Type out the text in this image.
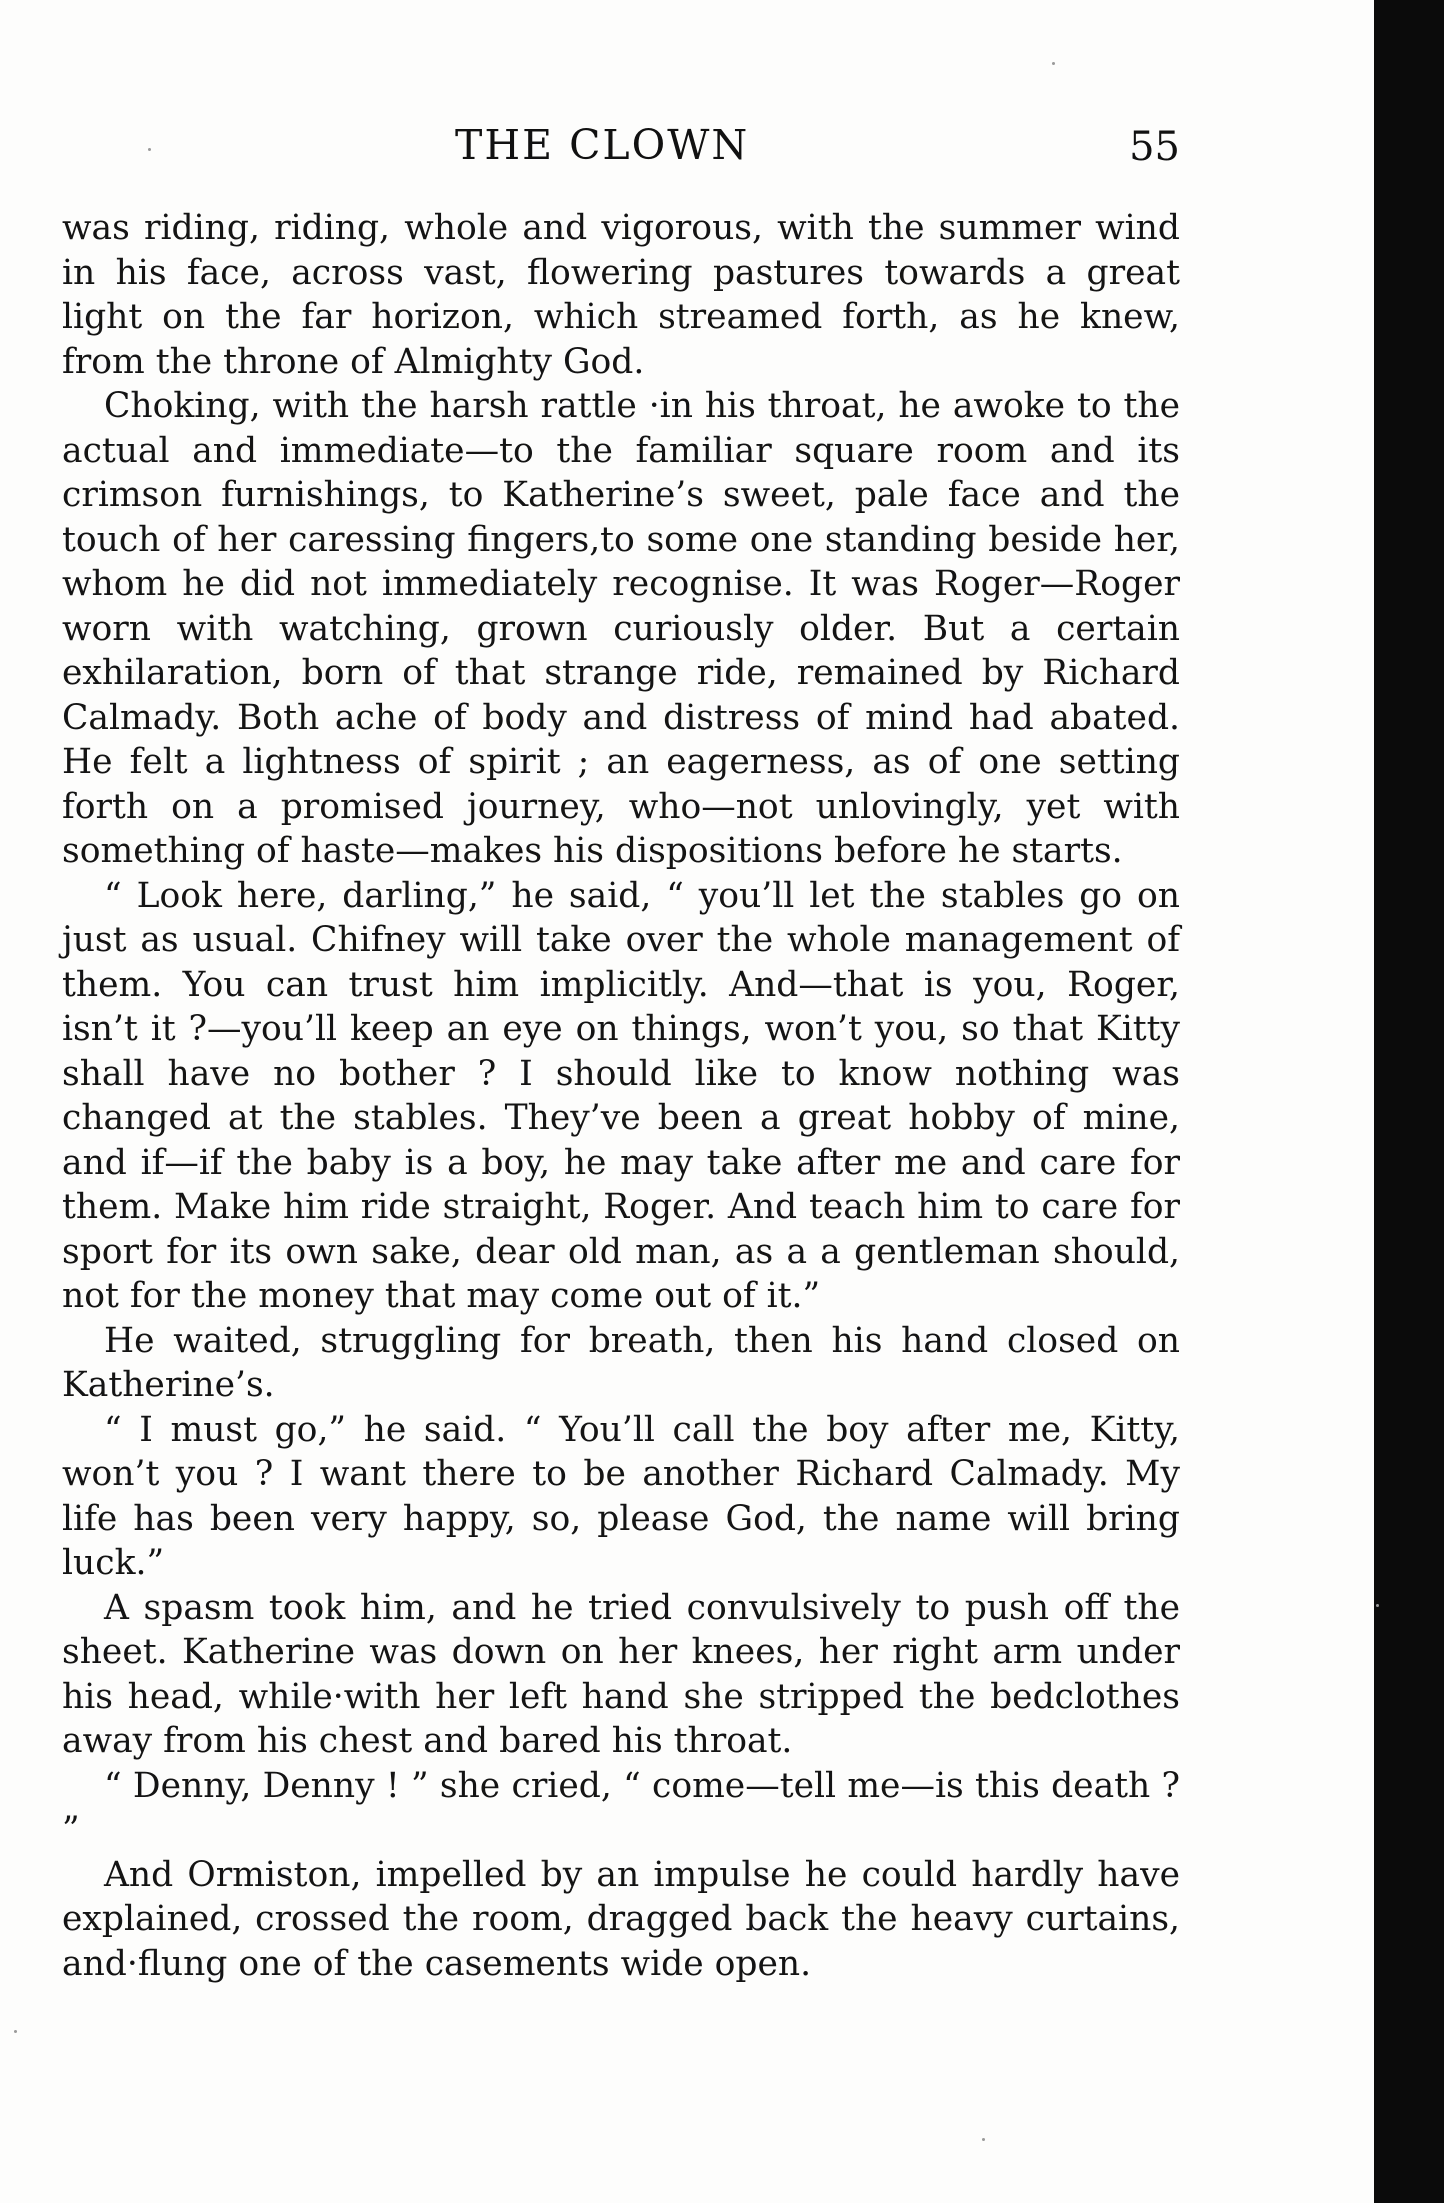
THE CLOWN	55

was riding, riding, whole and vigorous, with the summer wind in his face, across vast, flowering pastures towards a great light on the far horizon, which streamed forth, as he knew, from the throne of Almighty God.

Choking, with the harsh rattle ·in his throat, he awoke to the actual and immediate—to the familiar square room and its crimson furnishings, to Katherine’s sweet, pale face and the touch of her caressing fingers,to some one standing beside her, whom he did not immediately recognise. It was Roger—Roger worn with watching, grown curiously older. But a certain exhilaration, born of that strange ride, remained by Richard Calmady. Both ache of body and distress of mind had abated. He felt a lightness of spirit ; an eagerness, as of one setting forth on a promised journey, who—not unlovingly, yet with something of haste—makes his dispositions before he starts.

“ Look here, darling,” he said, “ you’ll let the stables go on just as usual. Chifney will take over the whole management of them. You can trust him implicitly. And—that is you, Roger, isn’t it ?—you’ll keep an eye on things, won’t you, so that Kitty shall have no bother ? I should like to know nothing was changed at the stables. They’ve been a great hobby of mine, and if—if the baby is a boy, he may take after me and care for them. Make him ride straight, Roger. And teach him to care for sport for its own sake, dear old man, as a a gentleman should, not for the money that may come out of it.”

He waited, struggling for breath, then his hand closed on Katherine’s.

“ I must go,” he said. “ You’ll call the boy after me, Kitty, won’t you ? I want there to be another Richard Calmady. My life has been very happy, so, please God, the name will bring luck.”

A spasm took him, and he tried convulsively to push off the sheet. Katherine was down on her knees, her right arm under his head, while·with her left hand she stripped the bedclothes away from his chest and bared his throat.

“ Denny, Denny ! ” she cried, “ come—tell me—is this death ? ”

And Ormiston, impelled by an impulse he could hardly have explained, crossed the room, dragged back the heavy curtains, and·flung one of the casements wide open.
